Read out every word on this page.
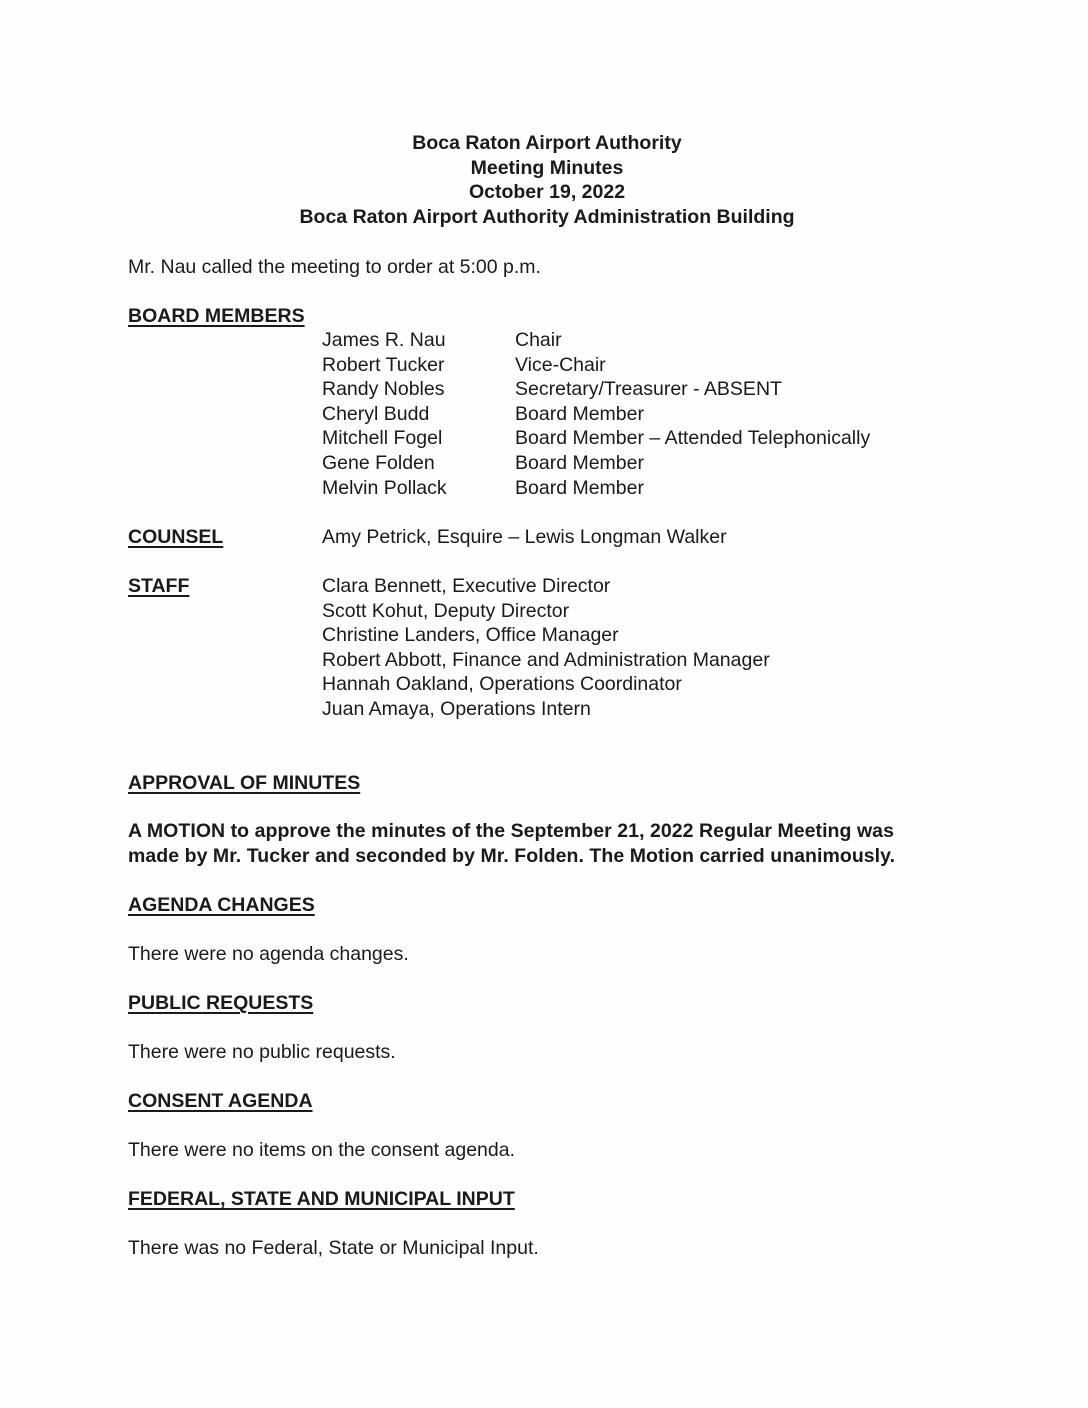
Boca Raton Airport Authority
Meeting Minutes
October 19, 2022
Boca Raton Airport Authority Administration Building
Mr. Nau called the meeting to order at 5:00 p.m.
BOARD MEMBERS
James R. Nau	Chair
Robert Tucker	Vice-Chair
Randy Nobles	Secretary/Treasurer - ABSENT
Cheryl Budd	Board Member
Mitchell Fogel	Board Member – Attended Telephonically
Gene Folden	Board Member
Melvin Pollack	Board Member
COUNSEL	Amy Petrick, Esquire – Lewis Longman Walker
STAFF	Clara Bennett, Executive Director
Scott Kohut, Deputy Director
Christine Landers, Office Manager
Robert Abbott, Finance and Administration Manager
Hannah Oakland, Operations Coordinator
Juan Amaya, Operations Intern
APPROVAL OF MINUTES
A MOTION to approve the minutes of the September 21, 2022 Regular Meeting was
made by Mr. Tucker and seconded by Mr. Folden. The Motion carried unanimously.
AGENDA CHANGES
There were no agenda changes.
PUBLIC REQUESTS
There were no public requests.
CONSENT AGENDA
There were no items on the consent agenda.
FEDERAL, STATE AND MUNICIPAL INPUT
There was no Federal, State or Municipal Input.
